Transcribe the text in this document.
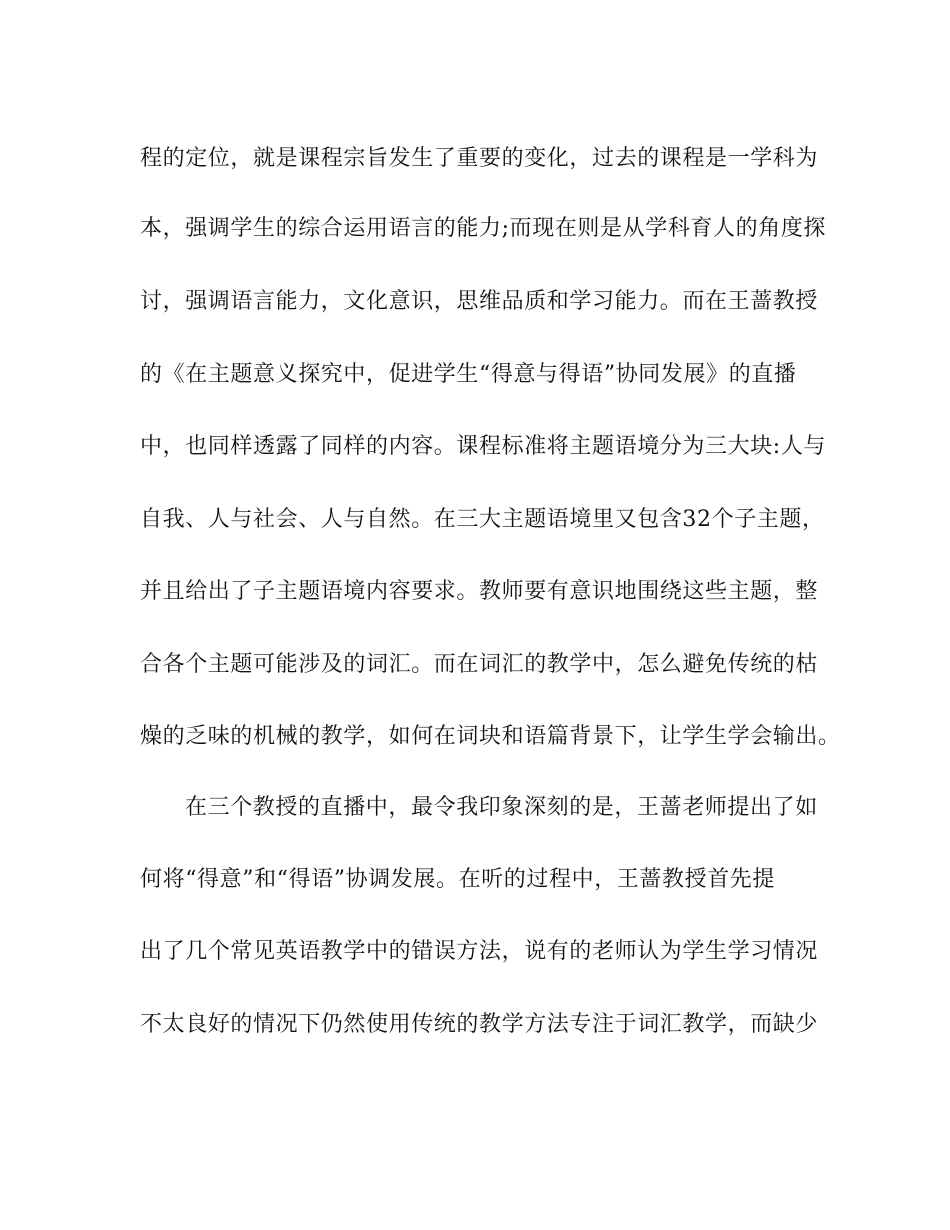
程的定位，就是课程宗旨发生了重要的变化，过去的课程是一学科为
本，强调学生的综合运用语言的能力;而现在则是从学科育人的角度探
讨，强调语言能力，文化意识，思维品质和学习能力。而在王蔷教授
的《在主题意义探究中，促进学生“得意与得语”协同发展》的直播
中，也同样透露了同样的内容。课程标准将主题语境分为三大块:人与
自我、人与社会、人与自然。在三大主题语境里又包含32个子主题，
并且给出了子主题语境内容要求。教师要有意识地围绕这些主题，整
合各个主题可能涉及的词汇。而在词汇的教学中，怎么避免传统的枯
燥的乏味的机械的教学，如何在词块和语篇背景下，让学生学会输出。
在三个教授的直播中，最令我印象深刻的是，王蔷老师提出了如
何将“得意”和“得语”协调发展。在听的过程中，王蔷教授首先提
出了几个常见英语教学中的错误方法，说有的老师认为学生学习情况
不太良好的情况下仍然使用传统的教学方法专注于词汇教学，而缺少
